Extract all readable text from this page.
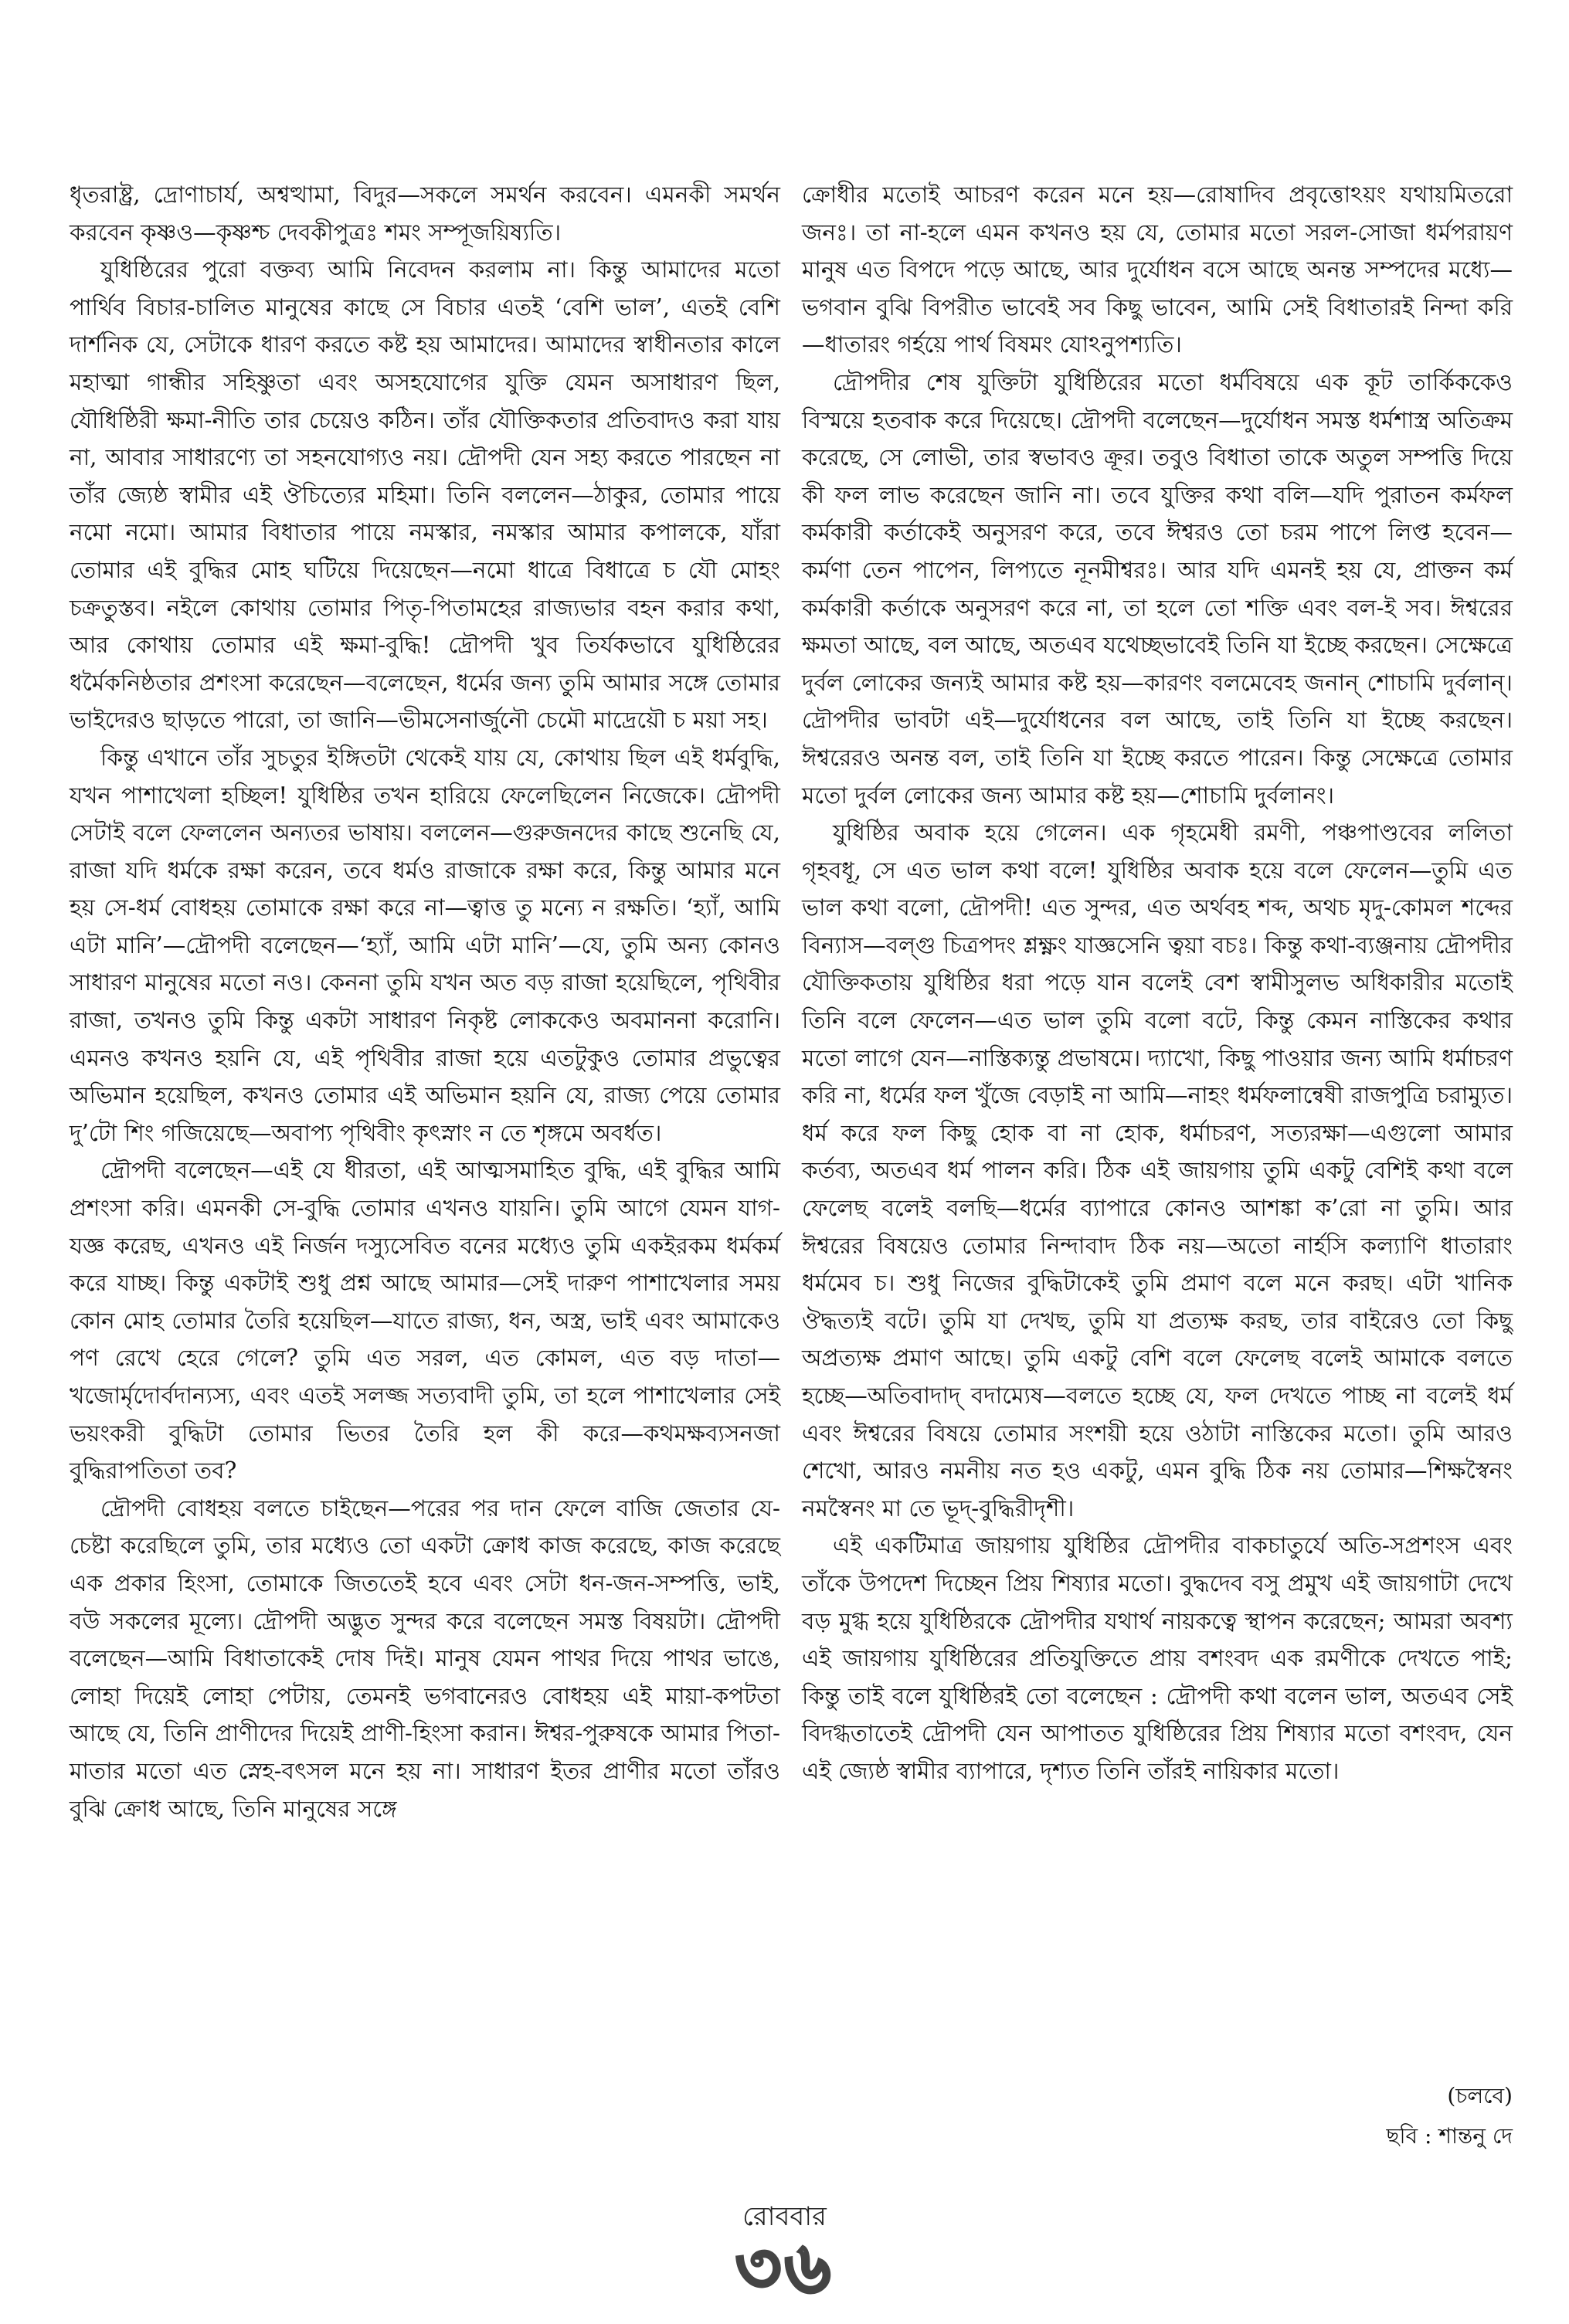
ধৃতরাষ্ট্র, দ্রোণাচার্য, অশ্বত্থামা, বিদুর—সকলে সমর্থন করবেন। এমনকী সমর্থন করবেন কৃষ্ণও—কৃষ্ণশ্চ দেবকীপুত্রঃ শমং সম্পূজয়িষ্যতি।

যুধিষ্ঠিরের পুরো বক্তব্য আমি নিবেদন করলাম না। কিন্তু আমাদের মতো পার্থিব বিচার-চালিত মানুষের কাছে সে বিচার এতই ‘বেশি ভাল’, এতই বেশি দার্শনিক যে, সেটাকে ধারণ করতে কষ্ট হয় আমাদের। আমাদের স্বাধীনতার কালে মহাত্মা গান্ধীর সহিষ্ণুতা এবং অসহযোগের যুক্তি যেমন অসাধারণ ছিল, যৌধিষ্ঠিরী ক্ষমা-নীতি তার চেয়েও কঠিন। তাঁর যৌক্তিকতার প্রতিবাদও করা যায় না, আবার সাধারণ্যে তা সহনযোগ্যও নয়। দ্রৌপদী যেন সহ্য করতে পারছেন না তাঁর জ্যেষ্ঠ স্বামীর এই ঔচিত্যের মহিমা। তিনি বললেন—ঠাকুর, তোমার পায়ে নমো নমো। আমার বিধাতার পায়ে নমস্কার, নমস্কার আমার কপালকে, যাঁরা তোমার এই বুদ্ধির মোহ ঘটিয়ে দিয়েছেন—নমো ধাত্রে বিধাত্রে চ যৌ মোহং চক্রতুস্তব। নইলে কোথায় তোমার পিতৃ-পিতামহের রাজ্যভার বহন করার কথা, আর কোথায় তোমার এই ক্ষমা-বুদ্ধি! দ্রৌপদী খুব তির্যকভাবে যুধিষ্ঠিরের ধর্মৈকনিষ্ঠতার প্রশংসা করেছেন—বলেছেন, ধর্মের জন্য তুমি আমার সঙ্গে তোমার ভাইদেরও ছাড়তে পারো, তা জানি—ভীমসেনার্জুনৌ চেমৌ মাদ্রেয়ৌ চ ময়া সহ।

কিন্তু এখানে তাঁর সুচতুর ইঙ্গিতটা থেকেই যায় যে, কোথায় ছিল এই ধর্মবুদ্ধি, যখন পাশাখেলা হচ্ছিল! যুধিষ্ঠির তখন হারিয়ে ফেলেছিলেন নিজেকে। দ্রৌপদী সেটাই বলে ফেললেন অন্যতর ভাষায়। বললেন—গুরুজনদের কাছে শুনেছি যে, রাজা যদি ধর্মকে রক্ষা করেন, তবে ধর্মও রাজাকে রক্ষা করে, কিন্তু আমার মনে হয় সে-ধর্ম বোধহয় তোমাকে রক্ষা করে না—ত্বাত্ত তু মন্যে ন রক্ষতি। ‘হ্যাঁ, আমি এটা মানি’—দ্রৌপদী বলেছেন—‘হ্যাঁ, আমি এটা মানি’—যে, তুমি অন্য কোনও সাধারণ মানুষের মতো নও। কেননা তুমি যখন অত বড় রাজা হয়েছিলে, পৃথিবীর রাজা, তখনও তুমি কিন্তু একটা সাধারণ নিকৃষ্ট লোককেও অবমাননা করোনি। এমনও কখনও হয়নি যে, এই পৃথিবীর রাজা হয়ে এতটুকুও তোমার প্রভুত্বের অভিমান হয়েছিল, কখনও তোমার এই অভিমান হয়নি যে, রাজ্য পেয়ে তোমার দু’টো শিং গজিয়েছে—অবাপ্য পৃথিবীং কৃৎস্নাং ন তে শৃঙ্গমে অবর্ধত।

দ্রৌপদী বলেছেন—এই যে ধীরতা, এই আত্মসমাহিত বুদ্ধি, এই বুদ্ধির আমি প্রশংসা করি। এমনকী সে-বুদ্ধি তোমার এখনও যায়নি। তুমি আগে যেমন যাগ-যজ্ঞ করেছ, এখনও এই নির্জন দস্যুসেবিত বনের মধ্যেও তুমি একইরকম ধর্মকর্ম করে যাচ্ছ। কিন্তু একটাই শুধু প্রশ্ন আছে আমার—সেই দারুণ পাশাখেলার সময় কোন মোহ তোমার তৈরি হয়েছিল—যাতে রাজ্য, ধন, অস্ত্র, ভাই এবং আমাকেও পণ রেখে হেরে গেলে? তুমি এত সরল, এত কোমল, এত বড় দাতা—খজোর্মৃদোর্বদান্যস্য, এবং এতই সলজ্জ সত্যবাদী তুমি, তা হলে পাশাখেলার সেই ভয়ংকরী বুদ্ধিটা তোমার ভিতর তৈরি হল কী করে—কথমক্ষব্যসনজা বুদ্ধিরাপতিতা তব?

দ্রৌপদী বোধহয় বলতে চাইছেন—পরের পর দান ফেলে বাজি জেতার যে-চেষ্টা করেছিলে তুমি, তার মধ্যেও তো একটা ক্রোধ কাজ করেছে, কাজ করেছে এক প্রকার হিংসা, তোমাকে জিততেই হবে এবং সেটা ধন-জন-সম্পত্তি, ভাই, বউ সকলের মূল্যে। দ্রৌপদী অদ্ভুত সুন্দর করে বলেছেন সমস্ত বিষয়টা। দ্রৌপদী বলেছেন—আমি বিধাতাকেই দোষ দিই। মানুষ যেমন পাথর দিয়ে পাথর ভাঙে, লোহা দিয়েই লোহা পেটায়, তেমনই ভগবানেরও বোধহয় এই মায়া-কপটতা আছে যে, তিনি প্রাণীদের দিয়েই প্রাণী-হিংসা করান। ঈশ্বর-পুরুষকে আমার পিতা-মাতার মতো এত স্নেহ-বৎসল মনে হয় না। সাধারণ ইতর প্রাণীর মতো তাঁরও বুঝি ক্রোধ আছে, তিনি মানুষের সঙ্গে

ক্রোধীর মতোই আচরণ করেন মনে হয়—রোষাদিব প্রবৃত্তোঽয়ং যথায়মিতরো জনঃ। তা না-হলে এমন কখনও হয় যে, তোমার মতো সরল-সোজা ধর্মপরায়ণ মানুষ এত বিপদে পড়ে আছে, আর দুর্যোধন বসে আছে অনন্ত সম্পদের মধ্যে—ভগবান বুঝি বিপরীত ভাবেই সব কিছু ভাবেন, আমি সেই বিধাতারই নিন্দা করি—ধাতারং গর্হয়ে পার্থ বিষমং যোঽনুপশ্যতি।

দ্রৌপদীর শেষ যুক্তিটা যুধিষ্ঠিরের মতো ধর্মবিষয়ে এক কূট তার্কিককেও বিস্ময়ে হতবাক করে দিয়েছে। দ্রৌপদী বলেছেন—দুর্যোধন সমস্ত ধর্মশাস্ত্র অতিক্রম করেছে, সে লোভী, তার স্বভাবও ক্রূর। তবুও বিধাতা তাকে অতুল সম্পত্তি দিয়ে কী ফল লাভ করেছেন জানি না। তবে যুক্তির কথা বলি—যদি পুরাতন কর্মফল কর্মকারী কর্তাকেই অনুসরণ করে, তবে ঈশ্বরও তো চরম পাপে লিপ্ত হবেন—কর্মণা তেন পাপেন, লিপ্যতে নূনমীশ্বরঃ। আর যদি এমনই হয় যে, প্রাক্তন কর্ম কর্মকারী কর্তাকে অনুসরণ করে না, তা হলে তো শক্তি এবং বল-ই সব। ঈশ্বরের ক্ষমতা আছে, বল আছে, অতএব যথেচ্ছভাবেই তিনি যা ইচ্ছে করছেন। সেক্ষেত্রে দুর্বল লোকের জন্যই আমার কষ্ট হয়—কারণং বলমেবেহ জনান্ শোচামি দুর্বলান্। দ্রৌপদীর ভাবটা এই—দুর্যোধনের বল আছে, তাই তিনি যা ইচ্ছে করছেন। ঈশ্বরেরও অনন্ত বল, তাই তিনি যা ইচ্ছে করতে পারেন। কিন্তু সেক্ষেত্রে তোমার মতো দুর্বল লোকের জন্য আমার কষ্ট হয়—শোচামি দুর্বলানং।

যুধিষ্ঠির অবাক হয়ে গেলেন। এক গৃহমেধী রমণী, পঞ্চপাণ্ডবের ললিতা গৃহবধূ, সে এত ভাল কথা বলে! যুধিষ্ঠির অবাক হয়ে বলে ফেলেন—তুমি এত ভাল কথা বলো, দ্রৌপদী! এত সুন্দর, এত অর্থবহ শব্দ, অথচ মৃদু-কোমল শব্দের বিন্যাস—বল্গু চিত্রপদং শ্লক্ষ্ণং যাজ্ঞসেনি ত্বয়া বচঃ। কিন্তু কথা-ব্যঞ্জনায় দ্রৌপদীর যৌক্তিকতায় যুধিষ্ঠির ধরা পড়ে যান বলেই বেশ স্বামীসুলভ অধিকারীর মতোই তিনি বলে ফেলেন—এত ভাল তুমি বলো বটে, কিন্তু কেমন নাস্তিকের কথার মতো লাগে যেন—নাস্তিক্যন্তু প্রভাষমে। দ্যাখো, কিছু পাওয়ার জন্য আমি ধর্মাচরণ করি না, ধর্মের ফল খুঁজে বেড়াই না আমি—নাহং ধর্মফলান্বেষী রাজপুত্রি চরাম্যুত। ধর্ম করে ফল কিছু হোক বা না হোক, ধর্মাচরণ, সত্যরক্ষা—এগুলো আমার কর্তব্য, অতএব ধর্ম পালন করি। ঠিক এই জায়গায় তুমি একটু বেশিই কথা বলে ফেলেছ বলেই বলছি—ধর্মের ব্যাপারে কোনও আশঙ্কা ক’রো না তুমি। আর ঈশ্বরের বিষয়েও তোমার নিন্দাবাদ ঠিক নয়—অতো নার্হসি কল্যাণি ধাতারাং ধর্মমেব চ। শুধু নিজের বুদ্ধিটাকেই তুমি প্রমাণ বলে মনে করছ। এটা খানিক ঔদ্ধত্যই বটে। তুমি যা দেখছ, তুমি যা প্রত্যক্ষ করছ, তার বাইরেও তো কিছু অপ্রত্যক্ষ প্রমাণ আছে। তুমি একটু বেশি বলে ফেলেছ বলেই আমাকে বলতে হচ্ছে—অতিবাদাদ্ বদাম্যেষ—বলতে হচ্ছে যে, ফল দেখতে পাচ্ছ না বলেই ধর্ম এবং ঈশ্বরের বিষয়ে তোমার সংশয়ী হয়ে ওঠাটা নাস্তিকের মতো। তুমি আরও শেখো, আরও নমনীয় নত হও একটু, এমন বুদ্ধি ঠিক নয় তোমার—শিক্ষস্বৈনং নমস্বৈনং মা তে ভূদ্-বুদ্ধিরীদৃশী।

এই একটিমাত্র জায়গায় যুধিষ্ঠির দ্রৌপদীর বাকচাতুর্যে অতি-সপ্রশংস এবং তাঁকে উপদেশ দিচ্ছেন প্রিয় শিষ্যার মতো। বুদ্ধদেব বসু প্রমুখ এই জায়গাটা দেখে বড় মুগ্ধ হয়ে যুধিষ্ঠিরকে দ্রৌপদীর যথার্থ নায়কত্বে স্থাপন করেছেন; আমরা অবশ্য এই জায়গায় যুধিষ্ঠিরের প্রতিযুক্তিতে প্রায় বশংবদ এক রমণীকে দেখতে পাই; কিন্তু তাই বলে যুধিষ্ঠিরই তো বলেছেন : দ্রৌপদী কথা বলেন ভাল, অতএব সেই বিদগ্ধতাতেই দ্রৌপদী যেন আপাতত যুধিষ্ঠিরের প্রিয় শিষ্যার মতো বশংবদ, যেন এই জ্যেষ্ঠ স্বামীর ব্যাপারে, দৃশ্যত তিনি তাঁরই নায়িকার মতো।

(চলবে)
ছবি : শান্তনু দে
রোববার
৩৬
